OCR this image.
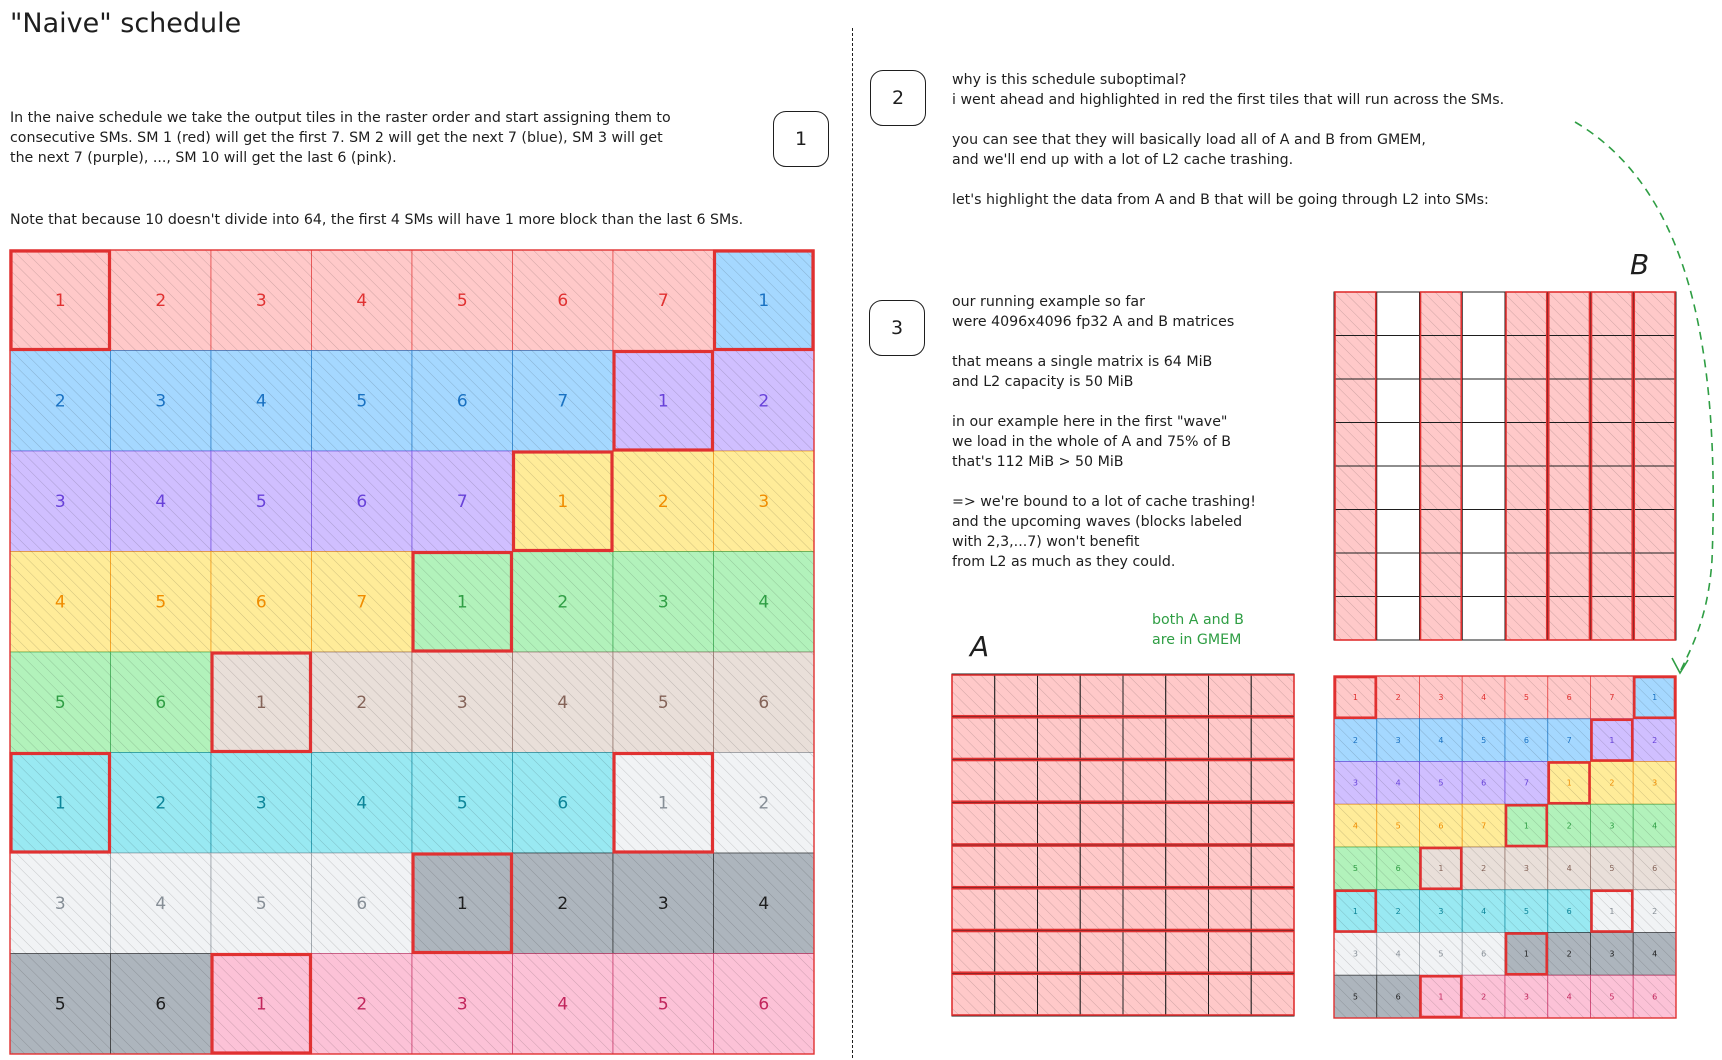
"Naive" schedule
In the naive schedule we take the output tiles in the raster order and start assigning them to
consecutive SMs. SM 1 (red) will get the first 7. SM 2 will get the next 7 (blue), SM 3 will get
the next 7 (purple), ..., SM 10 will get the last 6 (pink).
Note that because 10 doesn't divide into 64, the first 4 SMs will have 1 more block than the last 6 SMs.
1
2
3
why is this schedule suboptimal?
i went ahead and highlighted in red the first tiles that will run across the SMs.

you can see that they will basically load all of A and B from GMEM,
and we'll end up with a lot of L2 cache trashing.

let's highlight the data from A and B that will be going through L2 into SMs:
our running example so far
were 4096x4096 fp32 A and B matrices

that means a single matrix is 64 MiB
and L2 capacity is 50 MiB

in our example here in the first "wave"
we load in the whole of A and 75% of B
that's 112 MiB > 50 MiB

=> we're bound to a lot of cache trashing!
and the upcoming waves (blocks labeled
with 2,3,...7) won't benefit
from L2 as much as they could.
both A and B
are in GMEM
B
A
1	2	3	4	5	6	7	1
2	3	4	5	6	7	1	2
3	4	5	6	7	1	2	3
4	5	6	7	1	2	3	4
5	6	1	2	3	4	5	6
1	2	3	4	5	6	1	2
3	4	5	6	1	2	3	4
5	6	1	2	3	4	5	6
1	2	3	4	5	6	7	1
2	3	4	5	6	7	1	2
3	4	5	6	7	1	2	3
4	5	6	7	1	2	3	4
5	6	1	2	3	4	5	6
1	2	3	4	5	6	1	2
3	4	5	6	1	2	3	4
5	6	1	2	3	4	5	6
